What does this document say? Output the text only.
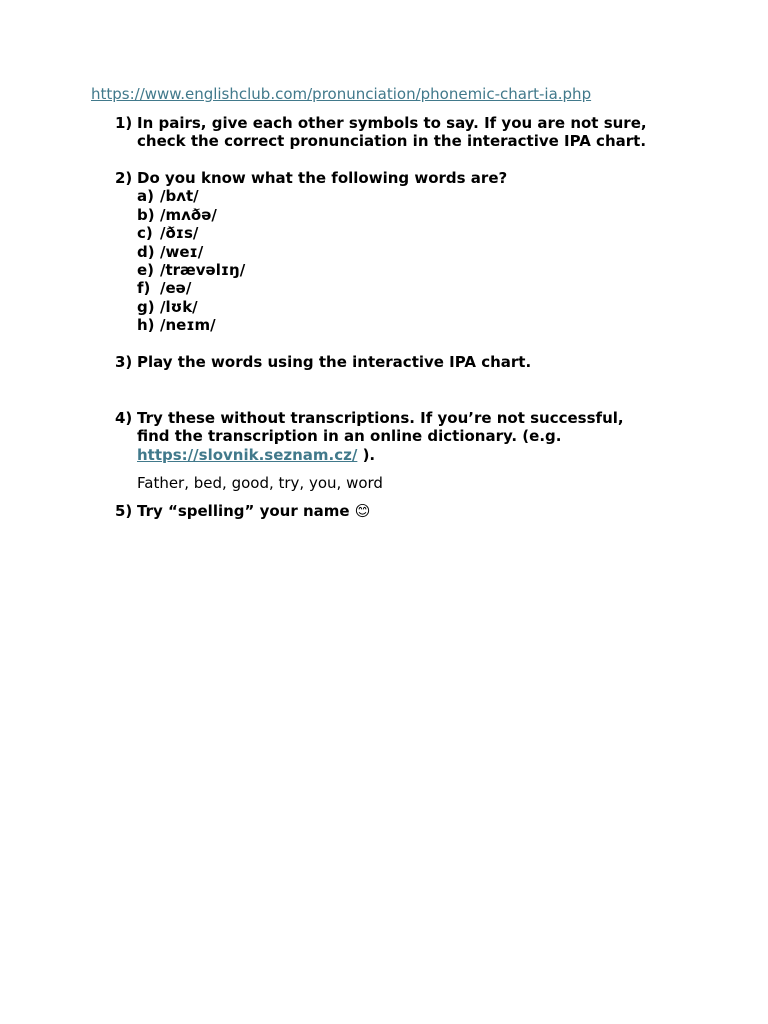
https://www.englishclub.com/pronunciation/phonemic-chart-ia.php
1) In pairs, give each other symbols to say. If you are not sure,
check the correct pronunciation in the interactive IPA chart.
2) Do you know what the following words are?
a) /bʌt/
b) /mʌðə/
c) /ðɪs/
d) /weɪ/
e) /trævəlɪŋ/
f) /eə/
g) /lʊk/
h) /neɪm/
3) Play the words using the interactive IPA chart.
4) Try these without transcriptions. If you’re not successful,
find the transcription in an online dictionary. (e.g.
https://slovnik.seznam.cz/ ).
Father, bed, good, try, you, word
5) Try “spelling” your name 😊
